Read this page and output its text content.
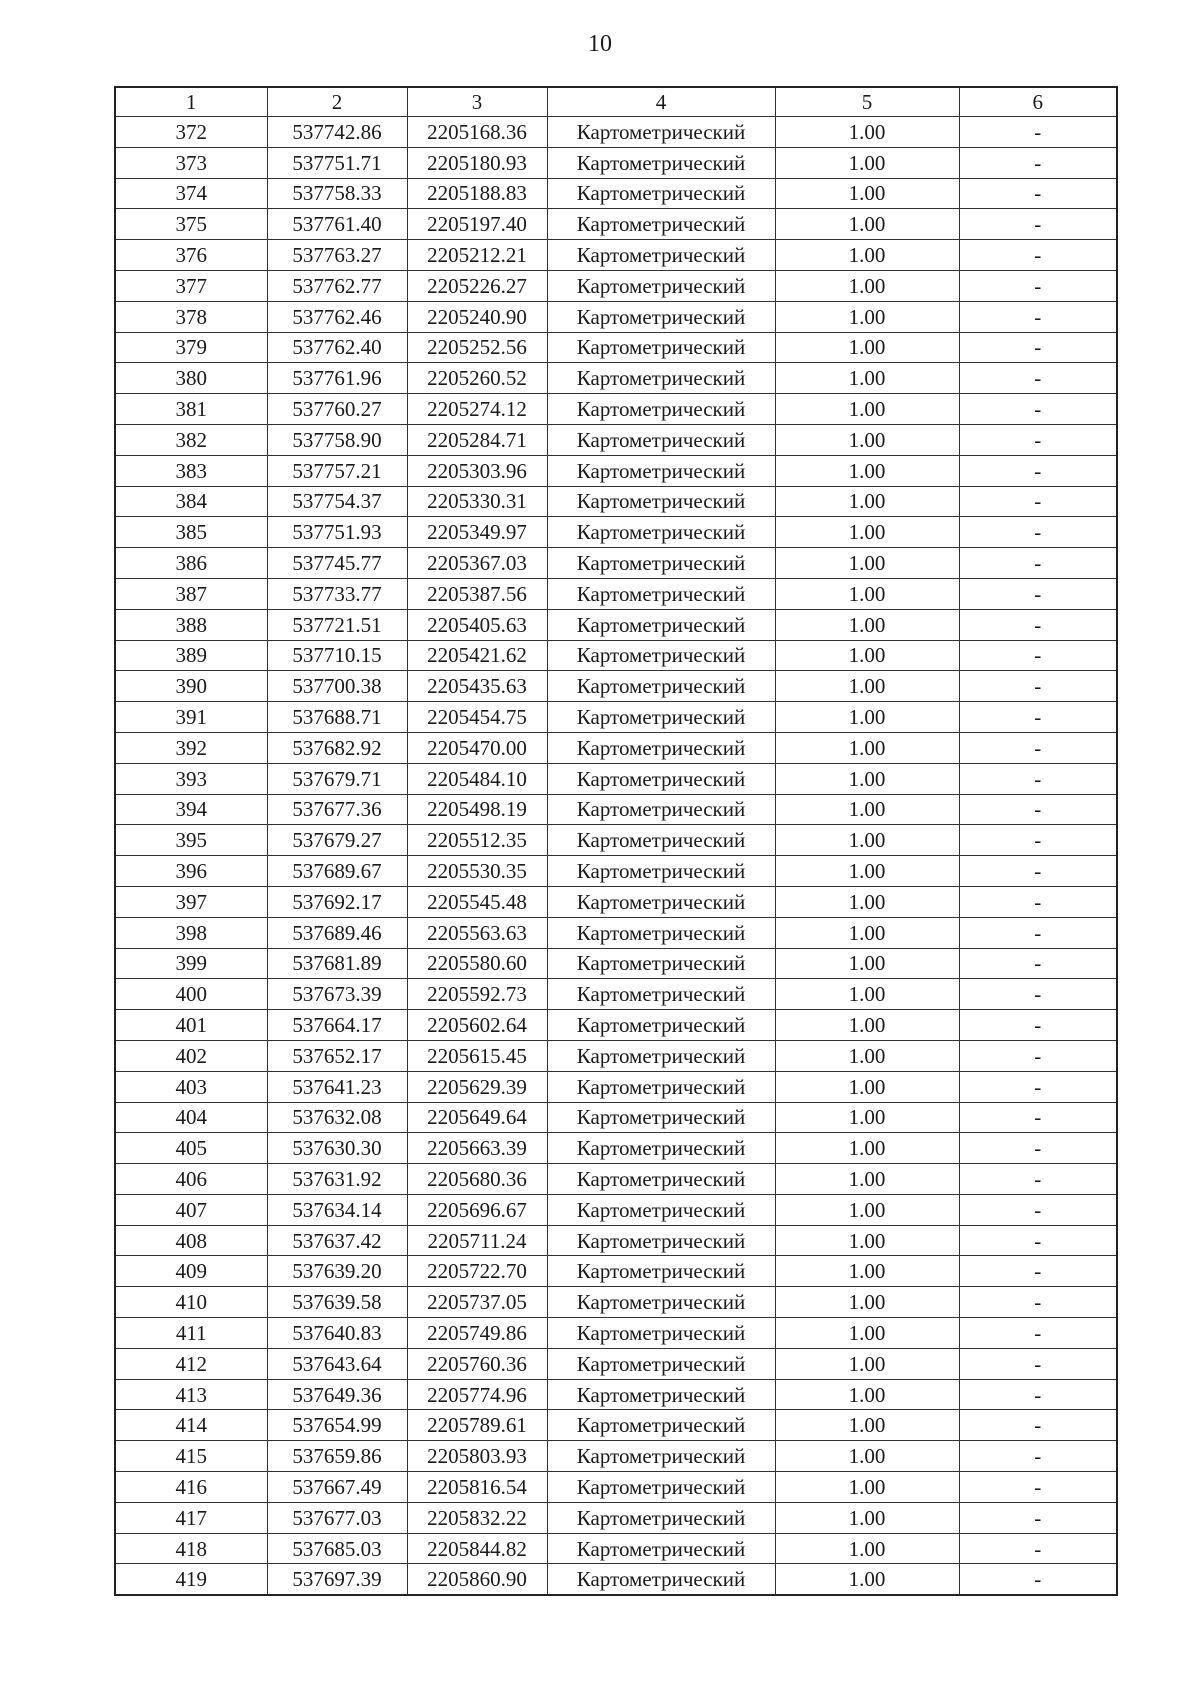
10
1	2	3	4	5	6
372	537742.86	2205168.36	Картометрический	1.00	-
373	537751.71	2205180.93	Картометрический	1.00	-
374	537758.33	2205188.83	Картометрический	1.00	-
375	537761.40	2205197.40	Картометрический	1.00	-
376	537763.27	2205212.21	Картометрический	1.00	-
377	537762.77	2205226.27	Картометрический	1.00	-
378	537762.46	2205240.90	Картометрический	1.00	-
379	537762.40	2205252.56	Картометрический	1.00	-
380	537761.96	2205260.52	Картометрический	1.00	-
381	537760.27	2205274.12	Картометрический	1.00	-
382	537758.90	2205284.71	Картометрический	1.00	-
383	537757.21	2205303.96	Картометрический	1.00	-
384	537754.37	2205330.31	Картометрический	1.00	-
385	537751.93	2205349.97	Картометрический	1.00	-
386	537745.77	2205367.03	Картометрический	1.00	-
387	537733.77	2205387.56	Картометрический	1.00	-
388	537721.51	2205405.63	Картометрический	1.00	-
389	537710.15	2205421.62	Картометрический	1.00	-
390	537700.38	2205435.63	Картометрический	1.00	-
391	537688.71	2205454.75	Картометрический	1.00	-
392	537682.92	2205470.00	Картометрический	1.00	-
393	537679.71	2205484.10	Картометрический	1.00	-
394	537677.36	2205498.19	Картометрический	1.00	-
395	537679.27	2205512.35	Картометрический	1.00	-
396	537689.67	2205530.35	Картометрический	1.00	-
397	537692.17	2205545.48	Картометрический	1.00	-
398	537689.46	2205563.63	Картометрический	1.00	-
399	537681.89	2205580.60	Картометрический	1.00	-
400	537673.39	2205592.73	Картометрический	1.00	-
401	537664.17	2205602.64	Картометрический	1.00	-
402	537652.17	2205615.45	Картометрический	1.00	-
403	537641.23	2205629.39	Картометрический	1.00	-
404	537632.08	2205649.64	Картометрический	1.00	-
405	537630.30	2205663.39	Картометрический	1.00	-
406	537631.92	2205680.36	Картометрический	1.00	-
407	537634.14	2205696.67	Картометрический	1.00	-
408	537637.42	2205711.24	Картометрический	1.00	-
409	537639.20	2205722.70	Картометрический	1.00	-
410	537639.58	2205737.05	Картометрический	1.00	-
411	537640.83	2205749.86	Картометрический	1.00	-
412	537643.64	2205760.36	Картометрический	1.00	-
413	537649.36	2205774.96	Картометрический	1.00	-
414	537654.99	2205789.61	Картометрический	1.00	-
415	537659.86	2205803.93	Картометрический	1.00	-
416	537667.49	2205816.54	Картометрический	1.00	-
417	537677.03	2205832.22	Картометрический	1.00	-
418	537685.03	2205844.82	Картометрический	1.00	-
419	537697.39	2205860.90	Картометрический	1.00	-
